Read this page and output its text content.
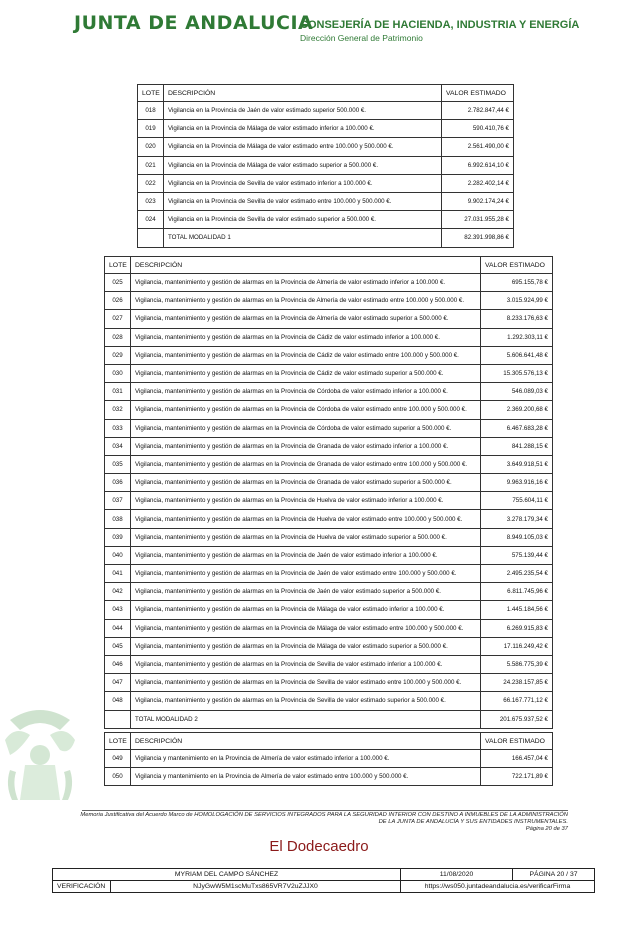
JUNTA DE ANDALUCIA
CONSEJERÍA DE HACIENDA, INDUSTRIA Y ENERGÍA
Dirección General de Patrimonio
LOTE	DESCRIPCIÓN	VALOR ESTIMADO
018	Vigilancia en la Provincia de Jaén de valor estimado superior 500.000 €.	2.782.847,44 €
019	Vigilancia en la Provincia de Málaga de valor estimado inferior a 100.000 €.	590.410,76 €
020	Vigilancia en la Provincia de Málaga de valor estimado entre 100.000 y 500.000 €.	2.561.490,00 €
021	Vigilancia en la Provincia de Málaga de valor estimado superior a 500.000 €.	6.992.614,10 €
022	Vigilancia en la Provincia de Sevilla de valor estimado inferior a 100.000 €.	2.282.402,14 €
023	Vigilancia en la Provincia de Sevilla de valor estimado entre 100.000 y 500.000 €.	9.902.174,24 €
024	Vigilancia en la Provincia de Sevilla de valor estimado superior a 500.000 €.	27.031.955,28 €
	TOTAL MODALIDAD 1	82.391.998,86 €
LOTE	DESCRIPCIÓN	VALOR ESTIMADO
025	Vigilancia, mantenimiento y gestión de alarmas en la Provincia de Almería de valor estimado inferior a 100.000 €.	695.155,78 €
026	Vigilancia, mantenimiento y gestión de alarmas en la Provincia de Almería de valor estimado entre 100.000 y 500.000 €.	3.015.924,99 €
027	Vigilancia, mantenimiento y gestión de alarmas en la Provincia de Almería de valor estimado superior a 500.000 €.	8.233.176,63 €
028	Vigilancia, mantenimiento y gestión de alarmas en la Provincia de Cádiz de valor estimado inferior a 100.000 €.	1.292.303,11 €
029	Vigilancia, mantenimiento y gestión de alarmas en la Provincia de Cádiz de valor estimado entre 100.000 y 500.000 €.	5.606.641,48 €
030	Vigilancia, mantenimiento y gestión de alarmas en la Provincia de Cádiz de valor estimado superior a 500.000 €.	15.305.576,13 €
031	Vigilancia, mantenimiento y gestión de alarmas en la Provincia de Córdoba de valor estimado inferior a 100.000 €.	546.089,03 €
032	Vigilancia, mantenimiento y gestión de alarmas en la Provincia de Córdoba de valor estimado entre 100.000 y 500.000 €.	2.369.200,68 €
033	Vigilancia, mantenimiento y gestión de alarmas en la Provincia de Córdoba de valor estimado superior a 500.000 €.	6.467.683,28 €
034	Vigilancia, mantenimiento y gestión de alarmas en la Provincia de Granada de valor estimado inferior a 100.000 €.	841.288,15 €
035	Vigilancia, mantenimiento y gestión de alarmas en la Provincia de Granada de valor estimado entre 100.000 y 500.000 €.	3.649.918,51 €
036	Vigilancia, mantenimiento y gestión de alarmas en la Provincia de Granada de valor estimado superior a 500.000 €.	9.963.916,16 €
037	Vigilancia, mantenimiento y gestión de alarmas en la Provincia de Huelva de valor estimado inferior a 100.000 €.	755.604,11 €
038	Vigilancia, mantenimiento y gestión de alarmas en la Provincia de Huelva de valor estimado entre 100.000 y 500.000 €.	3.278.179,34 €
039	Vigilancia, mantenimiento y gestión de alarmas en la Provincia de Huelva de valor estimado superior a 500.000 €.	8.949.105,03 €
040	Vigilancia, mantenimiento y gestión de alarmas en la Provincia de Jaén de valor estimado inferior a 100.000 €.	575.139,44 €
041	Vigilancia, mantenimiento y gestión de alarmas en la Provincia de Jaén de valor estimado entre 100.000 y 500.000 €.	2.495.235,54 €
042	Vigilancia, mantenimiento y gestión de alarmas en la Provincia de Jaén de valor estimado superior a 500.000 €.	6.811.745,96 €
043	Vigilancia, mantenimiento y gestión de alarmas en la Provincia de Málaga de valor estimado inferior a 100.000 €.	1.445.184,56 €
044	Vigilancia, mantenimiento y gestión de alarmas en la Provincia de Málaga de valor estimado entre 100.000 y 500.000 €.	6.269.915,83 €
045	Vigilancia, mantenimiento y gestión de alarmas en la Provincia de Málaga de valor estimado superior a 500.000 €.	17.116.249,42 €
046	Vigilancia, mantenimiento y gestión de alarmas en la Provincia de Sevilla de valor estimado inferior a 100.000 €.	5.586.775,39 €
047	Vigilancia, mantenimiento y gestión de alarmas en la Provincia de Sevilla de valor estimado entre 100.000 y 500.000 €.	24.238.157,85 €
048	Vigilancia, mantenimiento y gestión de alarmas en la Provincia de Sevilla de valor estimado superior a 500.000 €.	66.167.771,12 €
	TOTAL MODALIDAD 2	201.675.937,52 €
LOTE	DESCRIPCIÓN	VALOR ESTIMADO
049	Vigilancia y mantenimiento en la Provincia de Almería de valor estimado inferior a 100.000 €.	166.457,04 €
050	Vigilancia y mantenimiento en la Provincia de Almería de valor estimado entre 100.000 y 500.000 €.	722.171,89 €
Memoria Justificativa del Acuerdo Marco de HOMOLOGACIÓN DE SERVICIOS INTEGRADOS PARA LA SEGURIDAD INTERIOR CON DESTINO A INMUEBLES DE LA ADMINISTRACIÓN
DE LA JUNTA DE ANDALUCÍA Y SUS ENTIDADES INSTRUMENTALES.
Página 20 de 37
El Dodecaedro
MYRIAM DEL CAMPO SÁNCHEZ		11/08/2020	PÁGINA 20 / 37
VERIFICACIÓN	NJyGwW5M1scMuTxs865VR7V2uZJJX0	https://ws050.juntadeandalucia.es/verificarFirma	
